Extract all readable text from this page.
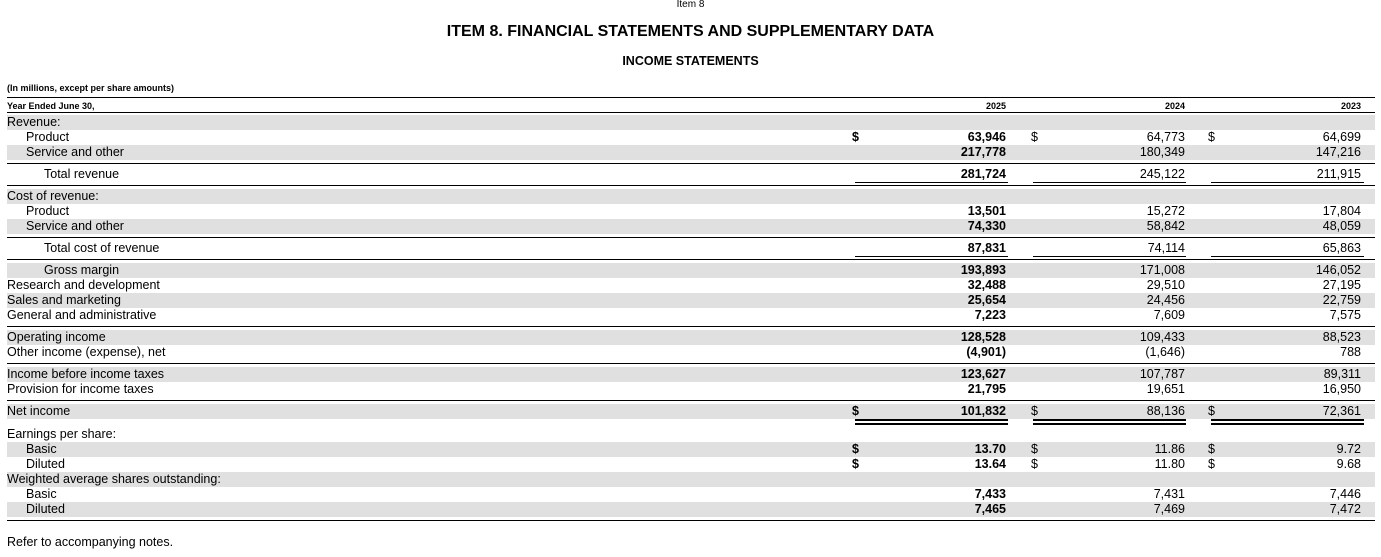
Item 8
ITEM 8. FINANCIAL STATEMENTS AND SUPPLEMENTARY DATA
INCOME STATEMENTS
(In millions, except per share amounts)
Year Ended June 30,	2025	2024	2023
Revenue:
Product	$	63,946 $	64,773 $	64,699
Service and other	217,778	180,349	147,216
Total revenue	281,724	245,122	211,915
Cost of revenue:
Product	13,501	15,272	17,804
Service and other	74,330	58,842	48,059
Total cost of revenue	87,831	74,114	65,863
Gross margin	193,893	171,008	146,052
Research and development	32,488	29,510	27,195
Sales and marketing	25,654	24,456	22,759
General and administrative	7,223	7,609	7,575
Operating income	128,528	109,433	88,523
Other income (expense), net	(4,901)	(1,646)	788
Income before income taxes	123,627	107,787	89,311
Provision for income taxes	21,795	19,651	16,950
Net income	$	101,832 $	88,136 $	72,361
Earnings per share:
Basic	$	13.70 $	11.86 $	9.72
Diluted	$	13.64 $	11.80 $	9.68
Weighted average shares outstanding:
Basic	7,433	7,431	7,446
Diluted	7,465	7,469	7,472
Refer to accompanying notes.
